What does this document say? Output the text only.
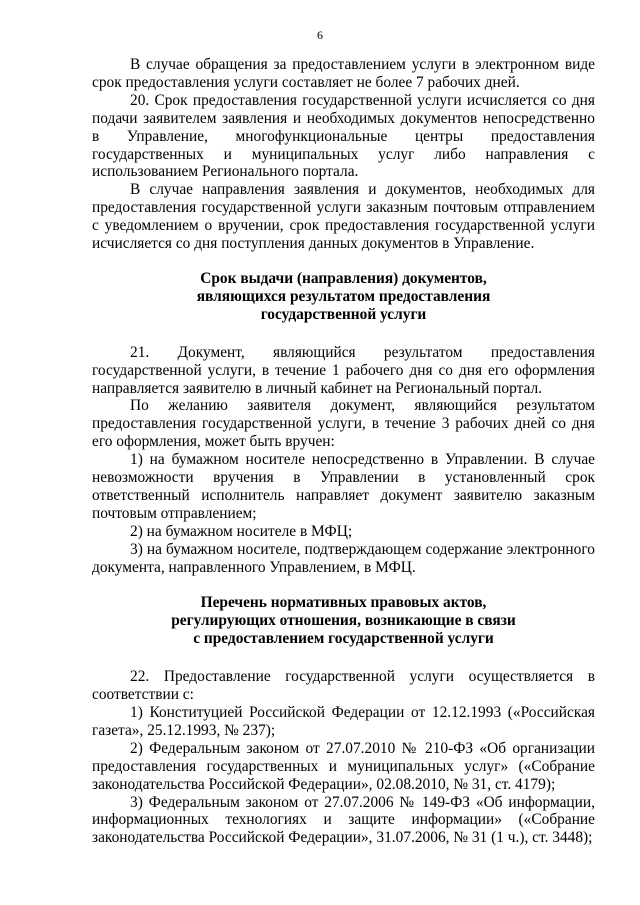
6

В случае обращения за предоставлением услуги в электронном виде срок предоставления услуги составляет не более 7 рабочих дней.

20. Срок предоставления государственной услуги исчисляется со дня подачи заявителем заявления и необходимых документов непосредственно в Управление, многофункциональные центры предоставления государственных и муниципальных услуг либо направления с использованием Регионального портала.

В случае направления заявления и документов, необходимых для предоставления государственной услуги заказным почтовым отправлением с уведомлением о вручении, срок предоставления государственной услуги исчисляется со дня поступления данных документов в Управление.

Срок выдачи (направления) документов,
являющихся результатом предоставления
государственной услуги

21. Документ, являющийся результатом предоставления государственной услуги, в течение 1 рабочего дня со дня его оформления направляется заявителю в личный кабинет на Региональный портал.

По желанию заявителя документ, являющийся результатом предоставления государственной услуги, в течение 3 рабочих дней со дня его оформления, может быть вручен:

1) на бумажном носителе непосредственно в Управлении. В случае невозможности вручения в Управлении в установленный срок ответственный исполнитель направляет документ заявителю заказным почтовым отправлением;

2) на бумажном носителе в МФЦ;

3) на бумажном носителе, подтверждающем содержание электронного документа, направленного Управлением, в МФЦ.

Перечень нормативных правовых актов,
регулирующих отношения, возникающие в связи
с предоставлением государственной услуги

22. Предоставление государственной услуги осуществляется в соответствии с:

1) Конституцией Российской Федерации от 12.12.1993 («Российская газета», 25.12.1993, № 237);

2) Федеральным законом от 27.07.2010 № 210-ФЗ «Об организации предоставления государственных и муниципальных услуг» («Собрание законодательства Российской Федерации», 02.08.2010, № 31, ст. 4179);

3) Федеральным законом от 27.07.2006 № 149-ФЗ «Об информации, информационных технологиях и защите информации» («Собрание законодательства Российской Федерации», 31.07.2006, № 31 (1 ч.), ст. 3448);
